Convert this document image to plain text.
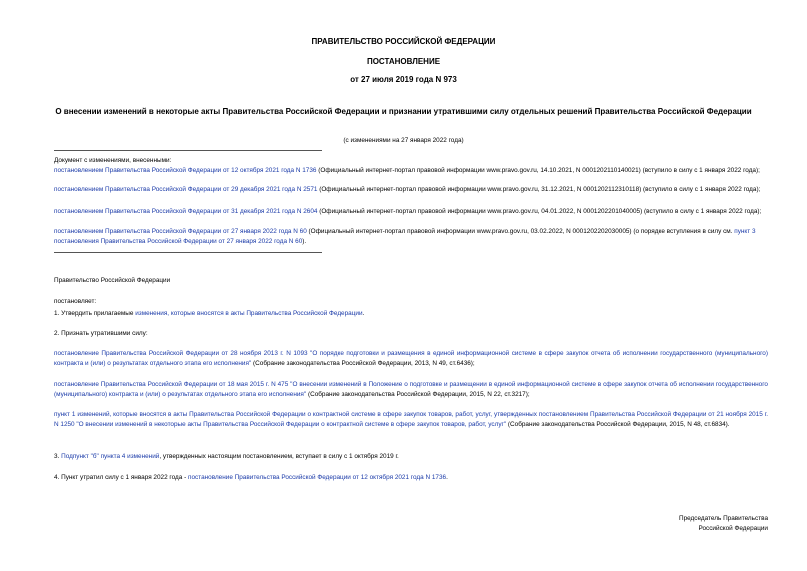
ПРАВИТЕЛЬСТВО РОССИЙСКОЙ ФЕДЕРАЦИИ
ПОСТАНОВЛЕНИЕ
от 27 июля 2019 года N 973
О внесении изменений в некоторые акты Правительства Российской Федерации и признании утратившими силу отдельных решений Правительства Российской Федерации
(с изменениями на 27 января 2022 года)
Документ с изменениями, внесенными:
постановлением Правительства Российской Федерации от 12 октября 2021 года N 1736 (Официальный интернет-портал правовой информации www.pravo.gov.ru, 14.10.2021, N 0001202110140021) (вступило в силу с 1 января 2022 года);
постановлением Правительства Российской Федерации от 29 декабря 2021 года N 2571 (Официальный интернет-портал правовой информации www.pravo.gov.ru, 31.12.2021, N 0001202112310118) (вступило в силу с 1 января 2022 года);
постановлением Правительства Российской Федерации от 31 декабря 2021 года N 2604 (Официальный интернет-портал правовой информации www.pravo.gov.ru, 04.01.2022, N 0001202201040005) (вступило в силу с 1 января 2022 года);
постановлением Правительства Российской Федерации от 27 января 2022 года N 60 (Официальный интернет-портал правовой информации www.pravo.gov.ru, 03.02.2022, N 0001202202030005) (о порядке вступления в силу см. пункт 3 постановления Правительства Российской Федерации от 27 января 2022 года N 60).
Правительство Российской Федерации
постановляет:
1. Утвердить прилагаемые изменения, которые вносятся в акты Правительства Российской Федерации.
2. Признать утратившими силу:
постановление Правительства Российской Федерации от 28 ноября 2013 г. N 1093 "О порядке подготовки и размещения в единой информационной системе в сфере закупок отчета об исполнении государственного (муниципального) контракта и (или) о результатах отдельного этапа его исполнения" (Собрание законодательства Российской Федерации, 2013, N 49, ст.6436);
постановление Правительства Российской Федерации от 18 мая 2015 г. N 475 "О внесении изменений в Положение о подготовке и размещении в единой информационной системе в сфере закупок отчета об исполнении государственного (муниципального) контракта и (или) о результатах отдельного этапа его исполнения" (Собрание законодательства Российской Федерации, 2015, N 22, ст.3217);
пункт 1 изменений, которые вносятся в акты Правительства Российской Федерации о контрактной системе в сфере закупок товаров, работ, услуг, утвержденных постановлением Правительства Российской Федерации от 21 ноября 2015 г. N 1250 "О внесении изменений в некоторые акты Правительства Российской Федерации о контрактной системе в сфере закупок товаров, работ, услуг" (Собрание законодательства Российской Федерации, 2015, N 48, ст.6834).
3. Подпункт "б" пункта 4 изменений, утвержденных настоящим постановлением, вступает в силу с 1 октября 2019 г.
4. Пункт утратил силу с 1 января 2022 года - постановление Правительства Российской Федерации от 12 октября 2021 года N 1736.
Председатель Правительства
Российской Федерации
